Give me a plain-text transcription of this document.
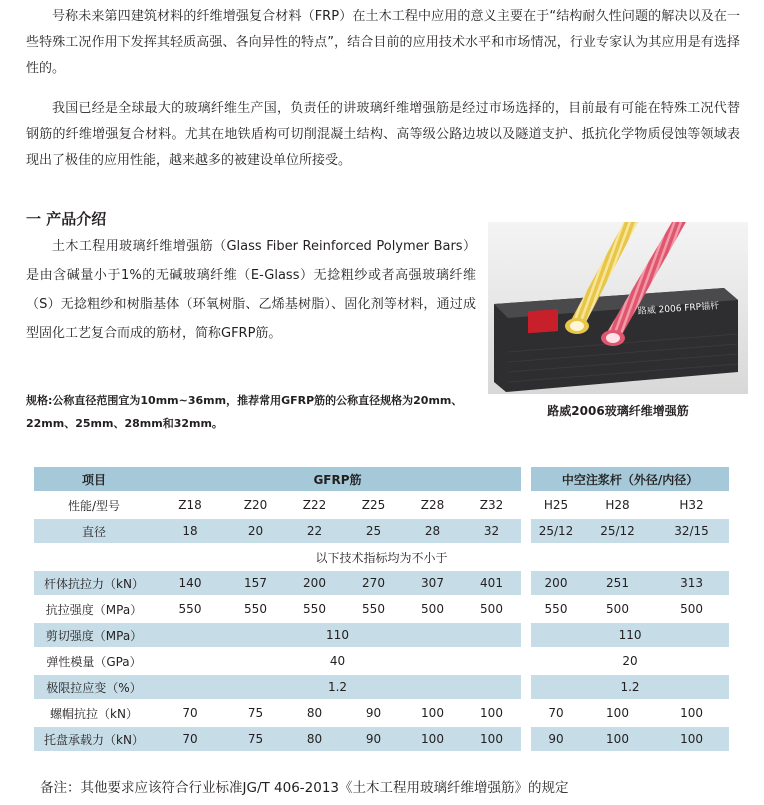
号称未来第四建筑材料的纤维增强复合材料（FRP）在土木工程中应用的意义主要在于“结构耐久性问题的解决以及在一些特殊工况作用下发挥其轻质高强、各向异性的特点”，结合目前的应用技术水平和市场情况，行业专家认为其应用是有选择性的。

我国已经是全球最大的玻璃纤维生产国，负责任的讲玻璃纤维增强筋是经过市场选择的，目前最有可能在特殊工况代替钢筋的纤维增强复合材料。尤其在地铁盾构可切削混凝土结构、高等级公路边坡以及隧道支护、抵抗化学物质侵蚀等领域表现出了极佳的应用性能，越来越多的被建设单位所接受。

一 产品介绍

土木工程用玻璃纤维增强筋（Glass Fiber Reinforced Polymer Bars）是由含碱量小于1%的无碱玻璃纤维（E-Glass）无捻粗纱或者高强玻璃纤维（S）无捻粗纱和树脂基体（环氧树脂、乙烯基树脂）、固化剂等材料，通过成型固化工艺复合而成的筋材，简称GFRP筋。

规格:公称直径范围宜为10mm~36mm，推荐常用GFRP筋的公称直径规格为20mm、22mm、25mm、28mm和32mm。

路威 2006 FRP锚杆

路威2006玻璃纤维增强筋

项目	GFRP筋							中空注浆杆（外径/内径）		
性能/型号	Z18	Z20	Z22	Z25	Z28	Z32		H25	H28	H32
直径	18	20	22	25	28	32		25/12	25/12	32/15
以下技术指标均为不小于										
杆体抗拉力（kN）	140	157	200	270	307	401		200	251	313
抗拉强度（MPa）	550	550	550	550	500	500		550	500	500
剪切强度（MPa）	110							110		
弹性模量（GPa）	40							20		
极限拉应变（%）	1.2							1.2		
螺帽抗拉（kN）	70	75	80	90	100	100		70	100	100
托盘承载力（kN）	70	75	80	90	100	100		90	100	100

备注：其他要求应该符合行业标准JG/T 406-2013《土木工程用玻璃纤维增强筋》的规定
